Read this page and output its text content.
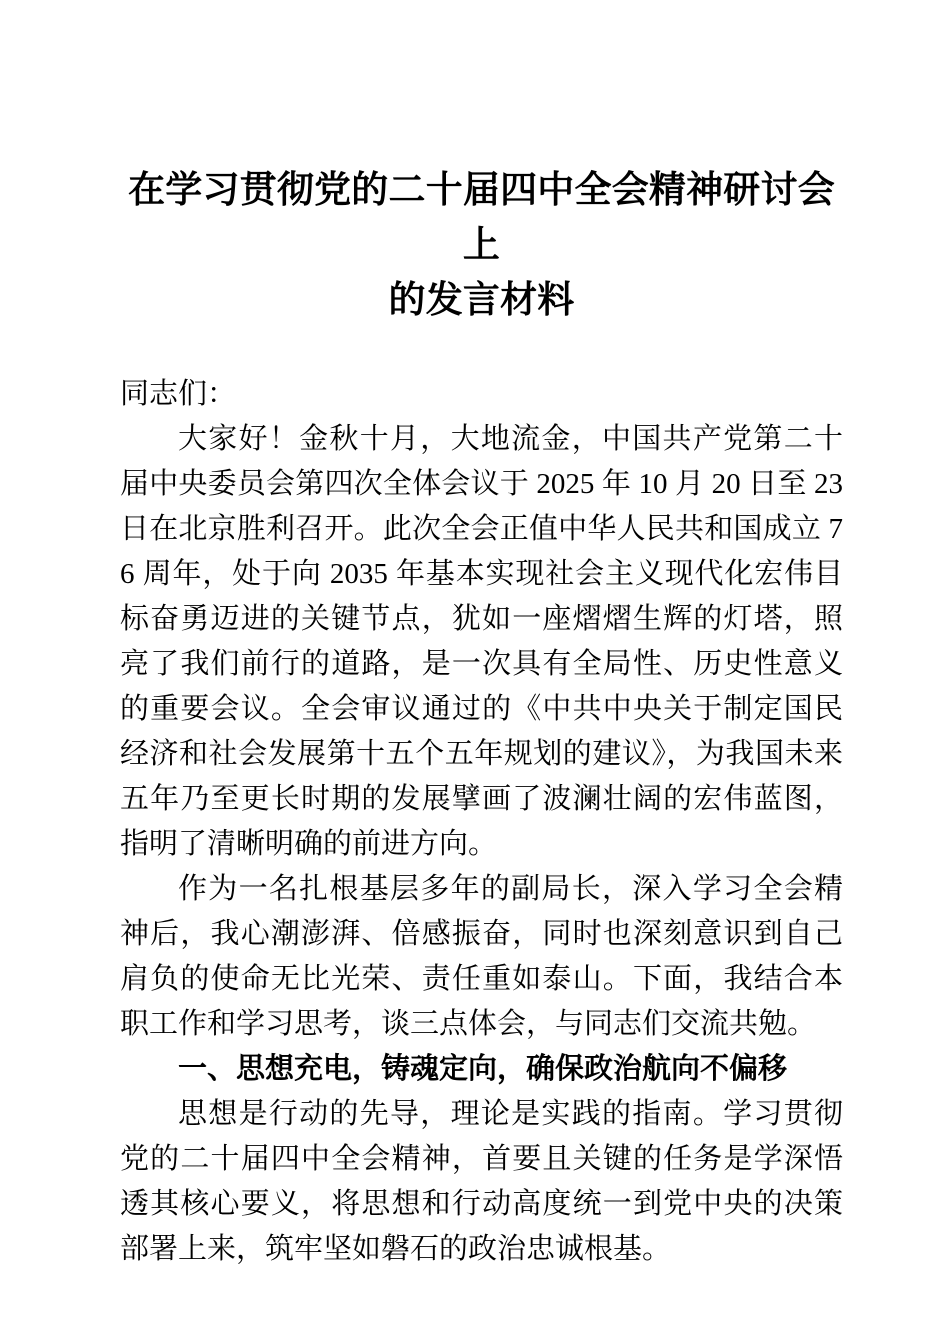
在学习贯彻党的二十届四中全会精神研讨会上
的发言材料

同志们：

大家好！金秋十月，大地流金，中国共产党第二十届中央委员会第四次全体会议于 2025 年 10 月 20 日至 23 日在北京胜利召开。此次全会正值中华人民共和国成立 76 周年，处于向 2035 年基本实现社会主义现代化宏伟目标奋勇迈进的关键节点，犹如一座熠熠生辉的灯塔，照亮了我们前行的道路，是一次具有全局性、历史性意义的重要会议。全会审议通过的《中共中央关于制定国民经济和社会发展第十五个五年规划的建议》，为我国未来五年乃至更长时期的发展擘画了波澜壮阔的宏伟蓝图，指明了清晰明确的前进方向。

作为一名扎根基层多年的副局长，深入学习全会精神后，我心潮澎湃、倍感振奋，同时也深刻意识到自己肩负的使命无比光荣、责任重如泰山。下面，我结合本职工作和学习思考，谈三点体会，与同志们交流共勉。

一、思想充电，铸魂定向，确保政治航向不偏移

思想是行动的先导，理论是实践的指南。学习贯彻党的二十届四中全会精神，首要且关键的任务是学深悟透其核心要义，将思想和行动高度统一到党中央的决策部署上来，筑牢坚如磐石的政治忠诚根基。
